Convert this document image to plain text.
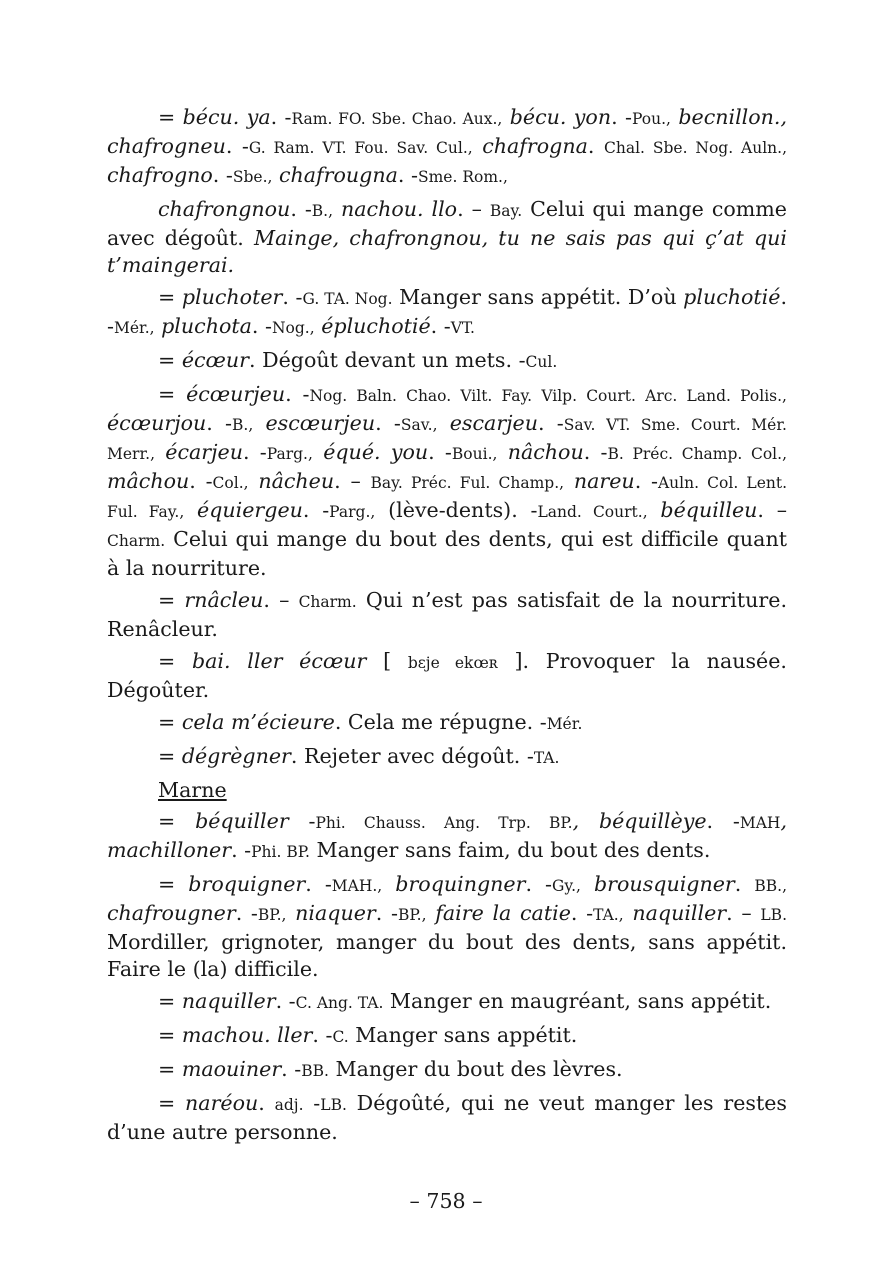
= bécu. ya. -Ram. FO. Sbe. Chao. Aux., bécu. yon. -Pou., becnillon., chafrogneu. -G. Ram. VT. Fou. Sav. Cul., chafrogna. Chal. Sbe. Nog. Auln., chafrogno. -Sbe., chafrougna. -Sme. Rom.,
chafrongnou. -B., nachou. llo. – Bay. Celui qui mange comme avec dégoût. Mainge, chafrongnou, tu ne sais pas qui ç’at qui t’maingerai.
= pluchoter. -G. TA. Nog. Manger sans appétit. D’où pluchotié. -Mér., pluchota. -Nog., épluchotié. -VT.
= écœur. Dégoût devant un mets. -Cul.
= écœurjeu. -Nog. Baln. Chao. Vilt. Fay. Vilp. Court. Arc. Land. Polis., écœurjou. -B., escœurjeu. -Sav., escarjeu. -Sav. VT. Sme. Court. Mér. Merr., écarjeu. -Parg., équé. you. -Boui., nâchou. -B. Préc. Champ. Col., mâchou. -Col., nâcheu. – Bay. Préc. Ful. Champ., nareu. -Auln. Col. Lent. Ful. Fay., équiergeu. -Parg., (lève-dents). -Land. Court., béquilleu. – Charm. Celui qui mange du bout des dents, qui est difficile quant à la nourriture.
= rnâcleu. – Charm. Qui n’est pas satisfait de la nourriture. Renâcleur.
= bai. ller écœur [ bɛje ekœʀ ]. Provoquer la nausée. Dégoûter.
= cela m’écieure. Cela me répugne. -Mér.
= dégrègner. Rejeter avec dégoût. -TA.
Marne
= béquiller -Phi. Chauss. Ang. Trp. BP., béquillèye. -MAH, machilloner. -Phi. BP. Manger sans faim, du bout des dents.
= broquigner. -MAH., broquingner. -Gy., brousquigner. BB., chafrougner. -BP., niaquer. -BP., faire la catie. -TA., naquiller. – LB. Mordiller, grignoter, manger du bout des dents, sans appétit. Faire le (la) difficile.
= naquiller. -C. Ang. TA. Manger en maugréant, sans appétit.
= machou. ller. -C. Manger sans appétit.
= maouiner. -BB. Manger du bout des lèvres.
= naréou. adj. -LB. Dégoûté, qui ne veut manger les restes d’une autre personne.
– 758 –
